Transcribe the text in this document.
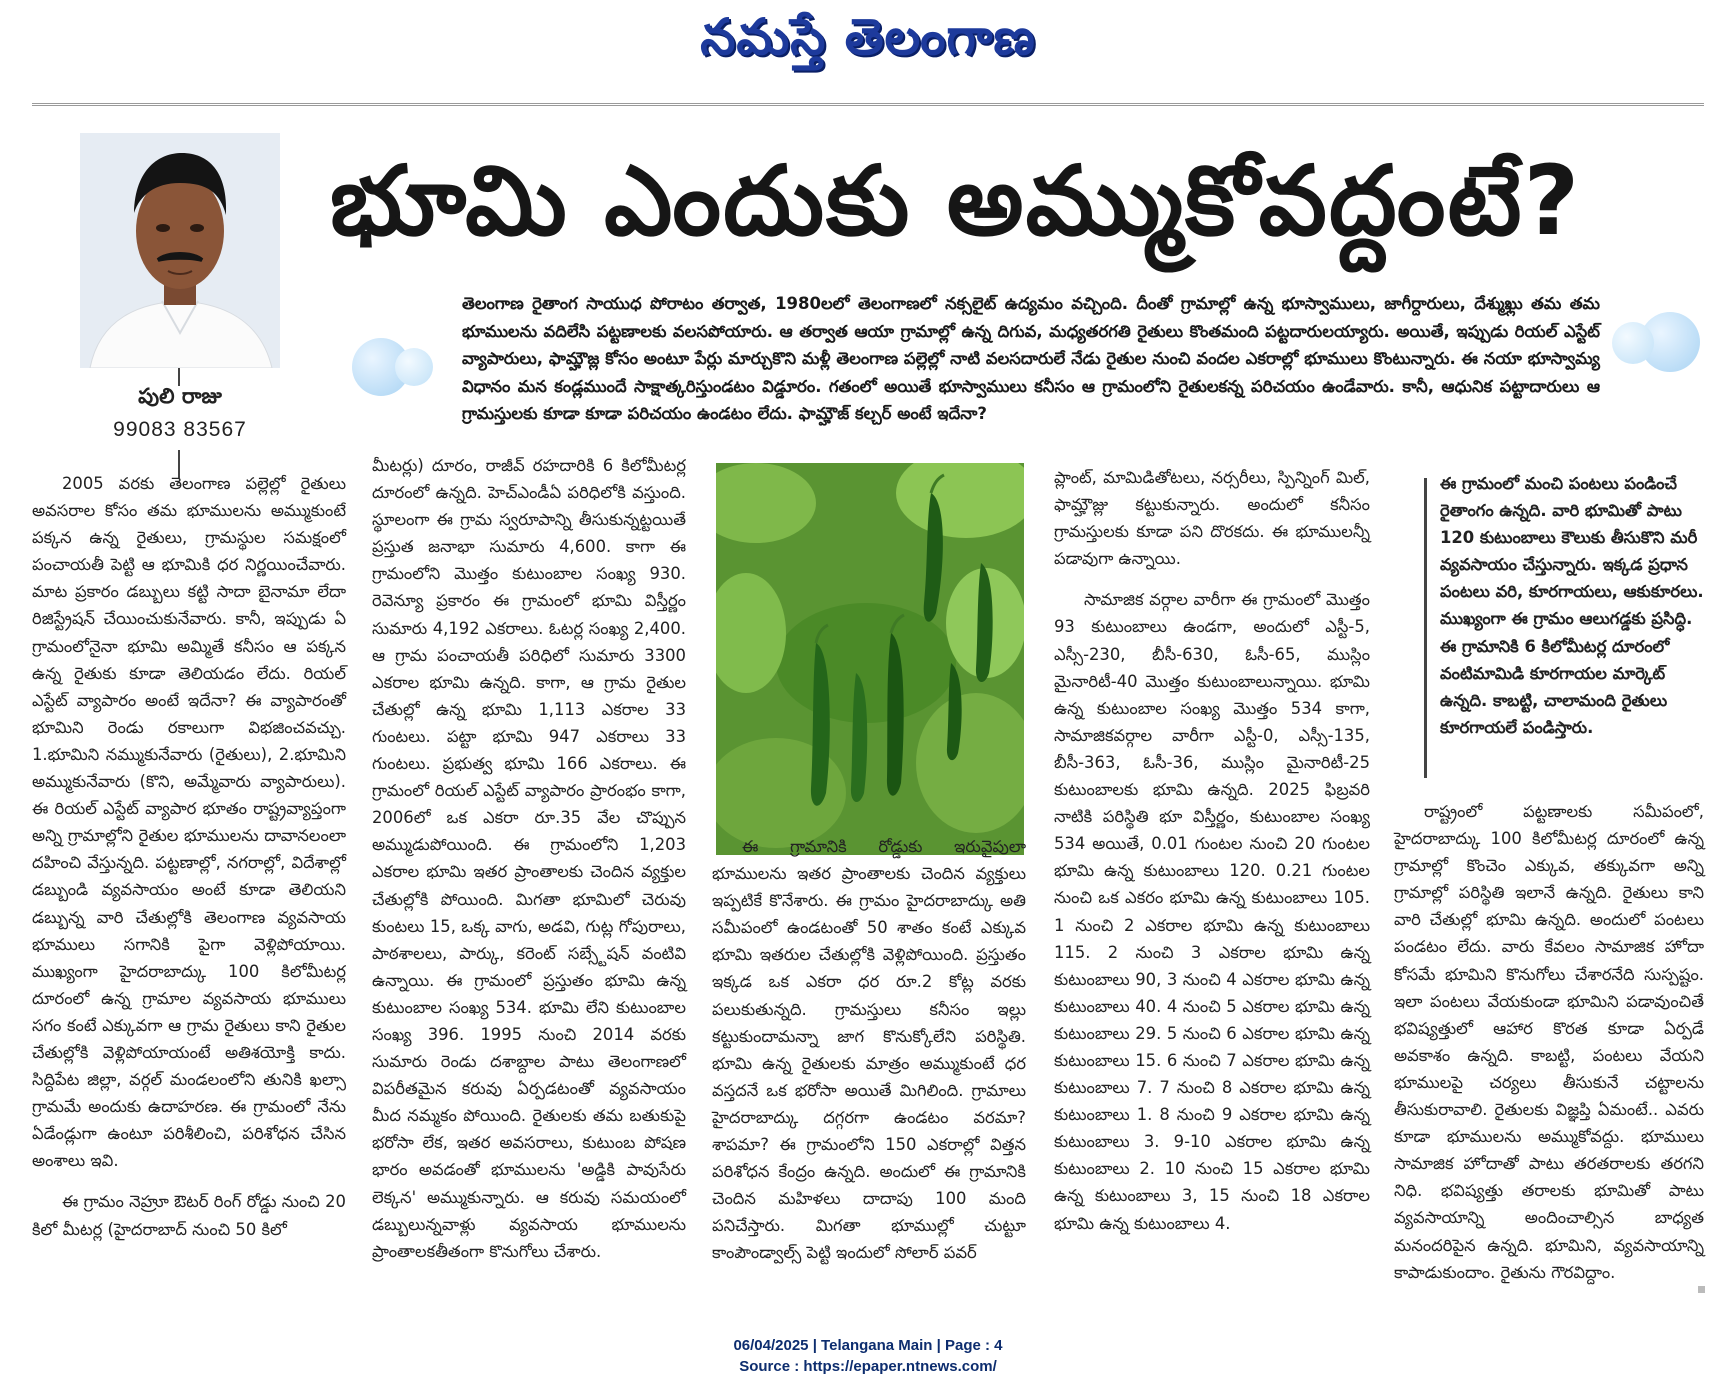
నమస్తే తెలంగాణ
భూమి ఎందుకు అమ్ముకోవద్దంటే?
పులి రాజు
99083 83567
తెలంగాణ రైతాంగ సాయుధ పోరాటం తర్వాత, 1980లలో తెలంగాణలో నక్సలైట్ ఉద్యమం వచ్చింది. దీంతో గ్రామాల్లో ఉన్న భూస్వాములు, జాగీర్దారులు, దేశ్ముఖ్లు తమ తమ భూములను వదిలేసి పట్టణాలకు వలసపోయారు. ఆ తర్వాత ఆయా గ్రామాల్లో ఉన్న దిగువ, మధ్యతరగతి రైతులు కొంతమంది పట్టదారులయ్యారు. అయితే, ఇప్పుడు రియల్ ఎస్టేట్ వ్యాపారులు, ఫామ్హౌజ్ల కోసం అంటూ పేర్లు మార్చుకొని మళ్లీ తెలంగాణ పల్లెల్లో నాటి వలసదారులే నేడు రైతుల నుంచి వందల ఎకరాల్లో భూములు కొంటున్నారు. ఈ నయా భూస్వామ్య విధానం మన కండ్లముందే సాక్షాత్కరిస్తుండటం విడ్డూరం. గతంలో అయితే భూస్వాములు కనీసం ఆ గ్రామంలోని రైతులకన్న పరిచయం ఉండేవారు. కానీ, ఆధునిక పట్టాదారులు ఆ గ్రామస్తులకు కూడా కూడా పరిచయం ఉండటం లేదు. ఫామ్హౌజ్ కల్చర్ అంటే ఇదేనా?

2005 వరకు తెలంగాణ పల్లెల్లో రైతులు అవసరాల కోసం తమ భూములను అమ్ముకుంటే పక్కన ఉన్న రైతులు, గ్రామస్థుల సమక్షంలో పంచాయతీ పెట్టి ఆ భూమికి ధర నిర్ణయించేవారు. మాట ప్రకారం డబ్బులు కట్టి సాదా బైనామా లేదా రిజిస్ట్రేషన్ చేయించుకునేవారు. కానీ, ఇప్పుడు ఏ గ్రామంలోనైనా భూమి అమ్మితే కనీసం ఆ పక్కన ఉన్న రైతుకు కూడా తెలియడం లేదు. రియల్ ఎస్టేట్ వ్యాపారం అంటే ఇదేనా? ఈ వ్యాపారంతో భూమిని రెండు రకాలుగా విభజించవచ్చు. 1.భూమిని నమ్ముకునేవారు (రైతులు), 2.భూమిని అమ్ముకునేవారు (కొని, అమ్మేవారు వ్యాపారులు). ఈ రియల్ ఎస్టేట్ వ్యాపార భూతం రాష్ట్రవ్యాప్తంగా అన్ని గ్రామాల్లోని రైతుల భూములను దావానలంలా దహించి వేస్తున్నది. పట్టణాల్లో, నగరాల్లో, విదేశాల్లో డబ్బుండి వ్యవసాయం అంటే కూడా తెలియని డబ్బున్న వారి చేతుల్లోకి తెలంగాణ వ్యవసాయ భూములు సగానికి పైగా వెళ్లిపోయాయి. ముఖ్యంగా హైదరాబాద్కు 100 కిలోమీటర్ల దూరంలో ఉన్న గ్రామాల వ్యవసాయ భూములు సగం కంటే ఎక్కువగా ఆ గ్రామ రైతులు కాని రైతుల చేతుల్లోకి వెళ్లిపోయాయంటే అతిశయోక్తి కాదు. సిద్దిపేట జిల్లా, వర్గల్ మండలంలోని తునికి ఖల్సా గ్రామమే అందుకు ఉదాహరణ. ఈ గ్రామంలో నేను ఏడేండ్లుగా ఉంటూ పరిశీలించి, పరిశోధన చేసిన అంశాలు ఇవి.

ఈ గ్రామం నెహ్రూ ఔటర్ రింగ్ రోడ్డు నుంచి 20 కిలో మీటర్ల (హైదరాబాద్ నుంచి 50 కిలో

మీటర్లు) దూరం, రాజీవ్ రహదారికి 6 కిలోమీటర్ల దూరంలో ఉన్నది. హెచ్ఎండీఏ పరిధిలోకి వస్తుంది. స్థూలంగా ఈ గ్రామ స్వరూపాన్ని తీసుకున్నట్టయితే ప్రస్తుత జనాభా సుమారు 4,600. కాగా ఈ గ్రామంలోని మొత్తం కుటుంబాల సంఖ్య 930. రెవెన్యూ ప్రకారం ఈ గ్రామంలో భూమి విస్తీర్ణం సుమారు 4,192 ఎకరాలు. ఓటర్ల సంఖ్య 2,400. ఆ గ్రామ పంచాయతీ పరిధిలో సుమారు 3300 ఎకరాల భూమి ఉన్నది. కాగా, ఆ గ్రామ రైతుల చేతుల్లో ఉన్న భూమి 1,113 ఎకరాల 33 గుంటలు. పట్టా భూమి 947 ఎకరాలు 33 గుంటలు. ప్రభుత్వ భూమి 166 ఎకరాలు. ఈ గ్రామంలో రియల్ ఎస్టేట్ వ్యాపారం ప్రారంభం కాగా, 2006లో ఒక ఎకరా రూ.35 వేల చొప్పున అమ్ముడుపోయింది. ఈ గ్రామంలోని 1,203 ఎకరాల భూమి ఇతర ప్రాంతాలకు చెందిన వ్యక్తుల చేతుల్లోకి పోయింది. మిగతా భూమిలో చెరువు కుంటలు 15, ఒక్క వాగు, అడవి, గుట్ల గోపురాలు, పాఠశాలలు, పార్కు, కరెంట్ సబ్స్టేషన్ వంటివి ఉన్నాయి. ఈ గ్రామంలో ప్రస్తుతం భూమి ఉన్న కుటుంబాల సంఖ్య 534. భూమి లేని కుటుంబాల సంఖ్య 396. 1995 నుంచి 2014 వరకు సుమారు రెండు దశాబ్దాల పాటు తెలంగాణలో విపరీతమైన కరువు ఏర్పడటంతో వ్యవసాయం మీద నమ్మకం పోయింది. రైతులకు తమ బతుకుపై భరోసా లేక, ఇతర అవసరాలు, కుటుంబ పోషణ భారం అవడంతో భూములను 'అడ్డికి పావుసేరు లెక్కన' అమ్ముకున్నారు. ఆ కరువు సమయంలో డబ్బులున్నవాళ్లు వ్యవసాయ భూములను ప్రాంతాలకతీతంగా కొనుగోలు చేశారు.

ఈ గ్రామానికి రోడ్డుకు ఇరువైపులా భూములను ఇతర ప్రాంతాలకు చెందిన వ్యక్తులు ఇప్పటికే కొనేశారు. ఈ గ్రామం హైదరాబాద్కు అతి సమీపంలో ఉండటంతో 50 శాతం కంటే ఎక్కువ భూమి ఇతరుల చేతుల్లోకి వెళ్లిపోయింది. ప్రస్తుతం ఇక్కడ ఒక ఎకరా ధర రూ.2 కోట్ల వరకు పలుకుతున్నది. గ్రామస్తులు కనీసం ఇల్లు కట్టుకుందామన్నా జాగ కొనుక్కోలేని పరిస్థితి. భూమి ఉన్న రైతులకు మాత్రం అమ్ముకుంటే ధర వస్తదనే ఒక భరోసా అయితే మిగిలింది. గ్రామాలు హైదరాబాద్కు దగ్గరగా ఉండటం వరమా? శాపమా? ఈ గ్రామంలోని 150 ఎకరాల్లో విత్తన పరిశోధన కేంద్రం ఉన్నది. అందులో ఈ గ్రామానికి చెందిన మహిళలు దాదాపు 100 మంది పనిచేస్తారు. మిగతా భూముల్లో చుట్టూ కాంపౌండ్వాల్స్ పెట్టి ఇందులో సోలార్ పవర్

ప్లాంట్, మామిడితోటలు, నర్సరీలు, స్పిన్నింగ్ మిల్, ఫామ్హౌజ్లు కట్టుకున్నారు. అందులో కనీసం గ్రామస్తులకు కూడా పని దొరకదు. ఈ భూములన్నీ పడావుగా ఉన్నాయి.

సామాజిక వర్గాల వారీగా ఈ గ్రామంలో మొత్తం 93 కుటుంబాలు ఉండగా, అందులో ఎస్టీ-5, ఎస్సీ-230, బీసీ-630, ఓసీ-65, ముస్లిం మైనారిటీ-40 మొత్తం కుటుంబాలున్నాయి. భూమి ఉన్న కుటుంబాల సంఖ్య మొత్తం 534 కాగా, సామాజికవర్గాల వారీగా ఎస్టీ-0, ఎస్సీ-135, బీసీ-363, ఓసీ-36, ముస్లిం మైనారిటీ-25 కుటుంబాలకు భూమి ఉన్నది. 2025 ఫిబ్రవరి నాటికి పరిస్థితి భూ విస్తీర్ణం, కుటుంబాల సంఖ్య 534 అయితే, 0.01 గుంటల నుంచి 20 గుంటల భూమి ఉన్న కుటుంబాలు 120. 0.21 గుంటల నుంచి ఒక ఎకరం భూమి ఉన్న కుటుంబాలు 105. 1 నుంచి 2 ఎకరాల భూమి ఉన్న కుటుంబాలు 115. 2 నుంచి 3 ఎకరాల భూమి ఉన్న కుటుంబాలు 90, 3 నుంచి 4 ఎకరాల భూమి ఉన్న కుటుంబాలు 40. 4 నుంచి 5 ఎకరాల భూమి ఉన్న కుటుంబాలు 29. 5 నుంచి 6 ఎకరాల భూమి ఉన్న కుటుంబాలు 15. 6 నుంచి 7 ఎకరాల భూమి ఉన్న కుటుంబాలు 7. 7 నుంచి 8 ఎకరాల భూమి ఉన్న కుటుంబాలు 1. 8 నుంచి 9 ఎకరాల భూమి ఉన్న కుటుంబాలు 3. 9-10 ఎకరాల భూమి ఉన్న కుటుంబాలు 2. 10 నుంచి 15 ఎకరాల భూమి ఉన్న కుటుంబాలు 3, 15 నుంచి 18 ఎకరాల భూమి ఉన్న కుటుంబాలు 4.

ఈ గ్రామంలో మంచి పంటలు పండించే రైతాంగం ఉన్నది. వారి భూమితో పాటు 120 కుటుంబాలు కౌలుకు తీసుకొని మరీ వ్యవసాయం చేస్తున్నారు. ఇక్కడ ప్రధాన పంటలు వరి, కూరగాయలు, ఆకుకూరలు. ముఖ్యంగా ఈ గ్రామం ఆలుగడ్డకు ప్రసిద్ధి. ఈ గ్రామానికి 6 కిలోమీటర్ల దూరంలో వంటిమామిడి కూరగాయల మార్కెట్ ఉన్నది. కాబట్టి, చాలామంది రైతులు కూరగాయలే పండిస్తారు.

రాష్ట్రంలో పట్టణాలకు సమీపంలో, హైదరాబాద్కు 100 కిలోమీటర్ల దూరంలో ఉన్న గ్రామాల్లో కొంచెం ఎక్కువ, తక్కువగా అన్ని గ్రామాల్లో పరిస్థితి ఇలానే ఉన్నది. రైతులు కాని వారి చేతుల్లో భూమి ఉన్నది. అందులో పంటలు పండటం లేదు. వారు కేవలం సామాజిక హోదా కోసమే భూమిని కొనుగోలు చేశారనేది సుస్పష్టం. ఇలా పంటలు వేయకుండా భూమిని పడావుంచితే భవిష్యత్తులో ఆహార కొరత కూడా ఏర్పడే అవకాశం ఉన్నది. కాబట్టి, పంటలు వేయని భూములపై చర్యలు తీసుకునే చట్టాలను తీసుకురావాలి. రైతులకు విజ్ఞప్తి ఏమంటే.. ఎవరు కూడా భూములను అమ్ముకోవద్దు. భూములు సామాజిక హోదాతో పాటు తరతరాలకు తరగని నిధి. భవిష్యత్తు తరాలకు భూమితో పాటు వ్యవసాయాన్ని అందించాల్సిన బాధ్యత మనందరిపైన ఉన్నది. భూమిని, వ్యవసాయాన్ని కాపాడుకుందాం. రైతును గౌరవిద్దాం.

06/04/2025 | Telangana Main | Page : 4
Source : https://epaper.ntnews.com/
